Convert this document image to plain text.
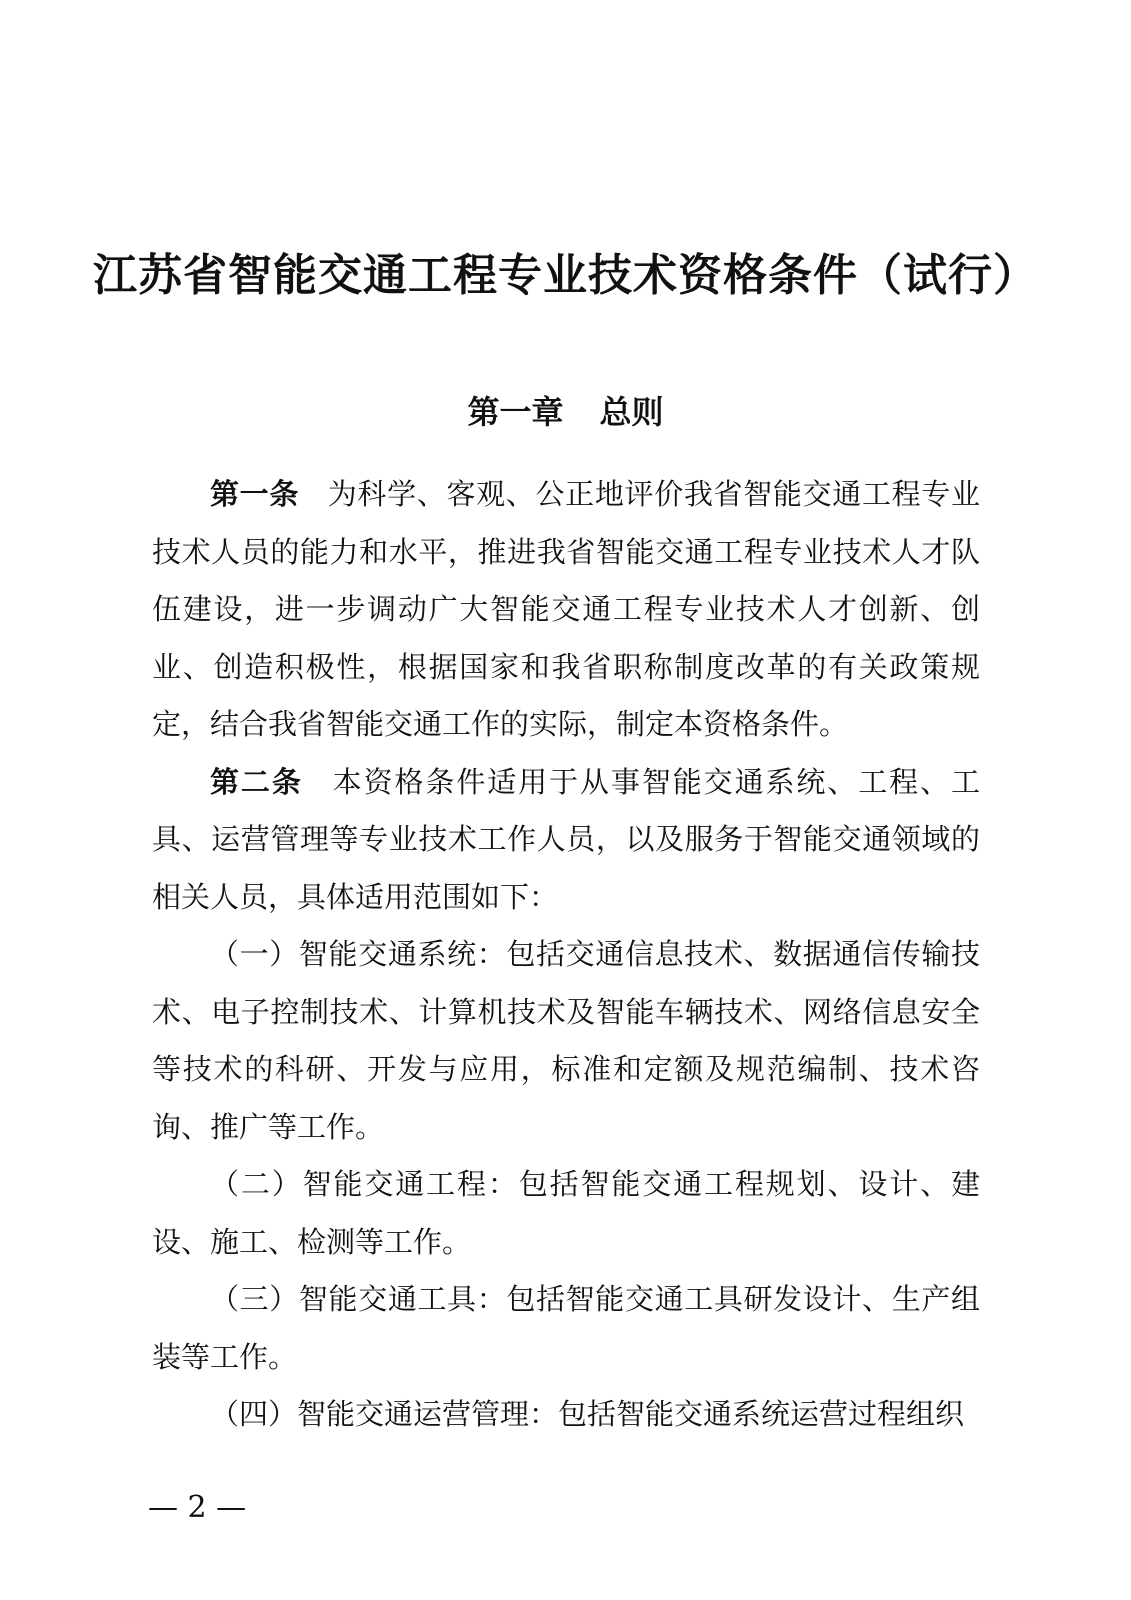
江苏省智能交通工程专业技术资格条件（试行）
第一章 总则

第一条 为科学、客观、公正地评价我省智能交通工程专业技术人员的能力和水平，推进我省智能交通工程专业技术人才队伍建设，进一步调动广大智能交通工程专业技术人才创新、创业、创造积极性，根据国家和我省职称制度改革的有关政策规定，结合我省智能交通工作的实际，制定本资格条件。

第二条 本资格条件适用于从事智能交通系统、工程、工具、运营管理等专业技术工作人员，以及服务于智能交通领域的相关人员，具体适用范围如下：

（一）智能交通系统：包括交通信息技术、数据通信传输技术、电子控制技术、计算机技术及智能车辆技术、网络信息安全等技术的科研、开发与应用，标准和定额及规范编制、技术咨询、推广等工作。

（二）智能交通工程：包括智能交通工程规划、设计、建设、施工、检测等工作。

（三）智能交通工具：包括智能交通工具研发设计、生产组装等工作。

（四）智能交通运营管理：包括智能交通系统运营过程组织

— 2 —
